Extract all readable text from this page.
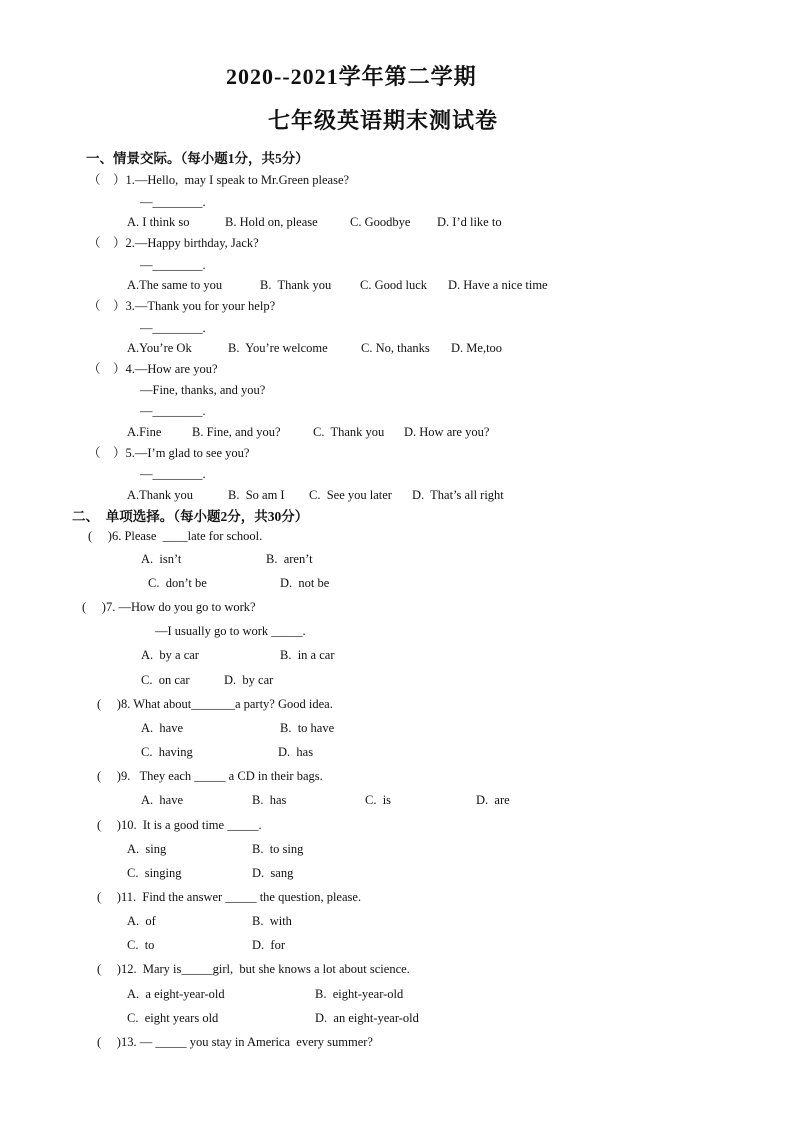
2020--2021学年第二学期
七年级英语期末测试卷
一、情景交际。（每小题1分，共5分）
（    ）1.—Hello,  may I speak to Mr.Green please?
—________.
A. I think so	B. Hold on, please	C. Goodbye D. I’d like to
（    ）2.—Happy birthday, Jack?
—________.
A.The same to you	B.  Thank you C. Good luck D. Have a nice time
（    ）3.—Thank you for your help?
—________.
A.You’re Ok	B.  You’re welcome	C. No, thanks D. Me,too
（    ）4.—How are you?
—Fine, thanks, and you?
—________.
A.Fine B. Fine, and you?	C.  Thank you D. How are you?
（    ）5.—I’m glad to see you?
—________.
A.Thank you	B.  So am I C.  See you later D.  That’s all right
二、  单项选择。（每小题2分，共30分）
(     )6. Please  ____late for school.
A.  isn’t	B.  aren’t
C.  don’t be	D.  not be
(     )7. —How do you go to work?
—I usually go to work _____.
A.  by a car	B.  in a car
C.  on car	D.  by car
(     )8. What about_______a party? Good idea.
A.  have	B.  to have
C.  having	D.  has
(     )9.   They each _____ a CD in their bags.
A.  have	B.  has	C.  is	D.  are
(     )10.  It is a good time _____.
A.  sing	B.  to sing
C.  singing	D.  sang
(     )11.  Find the answer _____ the question, please.
A.  of	B.  with
C.  to	D.  for
(     )12.  Mary is_____girl,  but she knows a lot about science.
A.  a eight-year-old	B.  eight-year-old
C.  eight years old	D.  an eight-year-old
(     )13. — _____ you stay in America  every summer?
